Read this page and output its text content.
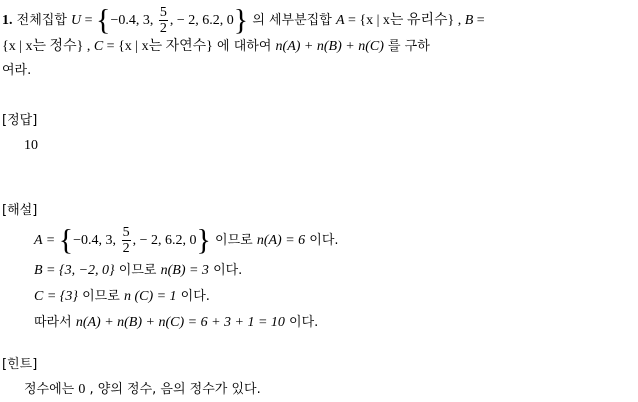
1. 전체집합 U = {−0.4, 3, $\frac{5}{2}$ , − 2, 6.2, 0} 의 세부분집합 A = {x | x는 유리수} , B =
{x | x는 정수} , C = {x | x는 자연수} 에 대하여 n(A) + n(B) + n(C) 를 구하
여라.
[정답]
10
[해설]
A = {−0.4, 3, $\frac{5}{2}$ , − 2, 6.2, 0} 이므로 n(A) = 6 이다.
B = {3, −2, 0} 이므로 n(B) = 3 이다.
C = {3} 이므로 n (C) = 1 이다.
따라서 n(A) + n(B) + n(C) = 6 + 3 + 1 = 10 이다.
[힌트]
정수에는 0 , 양의 정수, 음의 정수가 있다.
